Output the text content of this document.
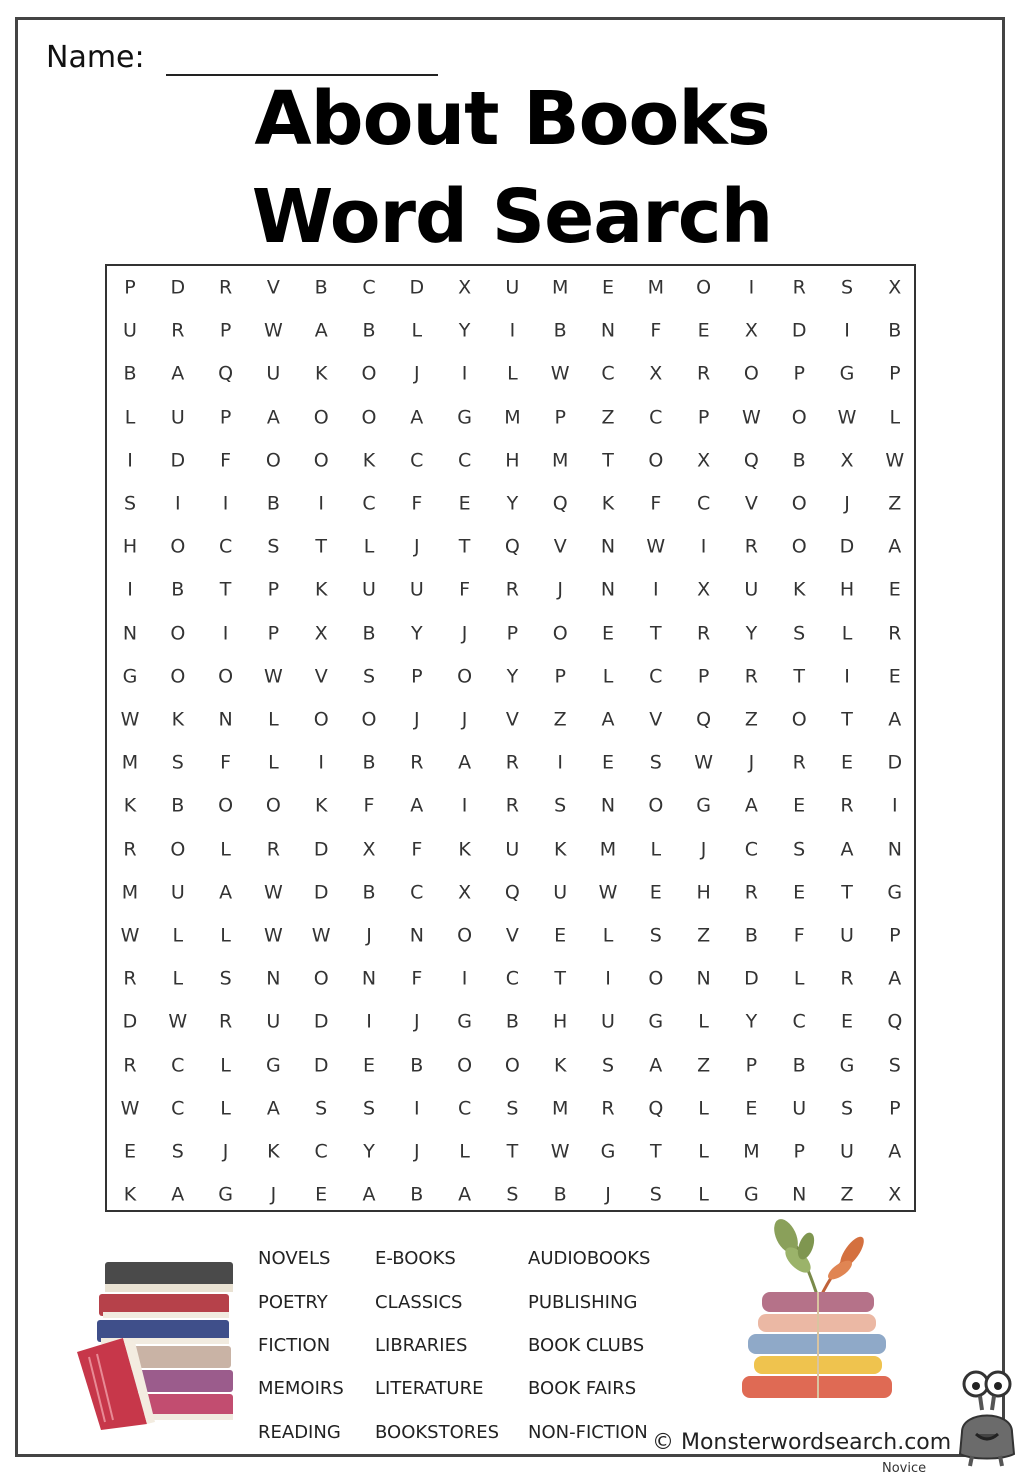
Name:
About Books
Word Search
P	D	R	V	B	C	D	X	U	M	E	M	O	I	R	S	X
U	R	P	W	A	B	L	Y	I	B	N	F	E	X	D	I	B
B	A	Q	U	K	O	J	I	L	W	C	X	R	O	P	G	P
L	U	P	A	O	O	A	G	M	P	Z	C	P	W	O	W	L
I	D	F	O	O	K	C	C	H	M	T	O	X	Q	B	X	W
S	I	I	B	I	C	F	E	Y	Q	K	F	C	V	O	J	Z
H	O	C	S	T	L	J	T	Q	V	N	W	I	R	O	D	A
I	B	T	P	K	U	U	F	R	J	N	I	X	U	K	H	E
N	O	I	P	X	B	Y	J	P	O	E	T	R	Y	S	L	R
G	O	O	W	V	S	P	O	Y	P	L	C	P	R	T	I	E
W	K	N	L	O	O	J	J	V	Z	A	V	Q	Z	O	T	A
M	S	F	L	I	B	R	A	R	I	E	S	W	J	R	E	D
K	B	O	O	K	F	A	I	R	S	N	O	G	A	E	R	I
R	O	L	R	D	X	F	K	U	K	M	L	J	C	S	A	N
M	U	A	W	D	B	C	X	Q	U	W	E	H	R	E	T	G
W	L	L	W	W	J	N	O	V	E	L	S	Z	B	F	U	P
R	L	S	N	O	N	F	I	C	T	I	O	N	D	L	R	A
D	W	R	U	D	I	J	G	B	H	U	G	L	Y	C	E	Q
R	C	L	G	D	E	B	O	O	K	S	A	Z	P	B	G	S
W	C	L	A	S	S	I	C	S	M	R	Q	L	E	U	S	P
E	S	J	K	C	Y	J	L	T	W	G	T	L	M	P	U	A
K	A	G	J	E	A	B	A	S	B	J	S	L	G	N	Z	X
NOVELS
POETRY
FICTION
MEMOIRS
READING
E-BOOKS
CLASSICS
LIBRARIES
LITERATURE
BOOKSTORES
AUDIOBOOKS
PUBLISHING
BOOK CLUBS
BOOK FAIRS
NON-FICTION © Monsterwordsearch.com
Novice
